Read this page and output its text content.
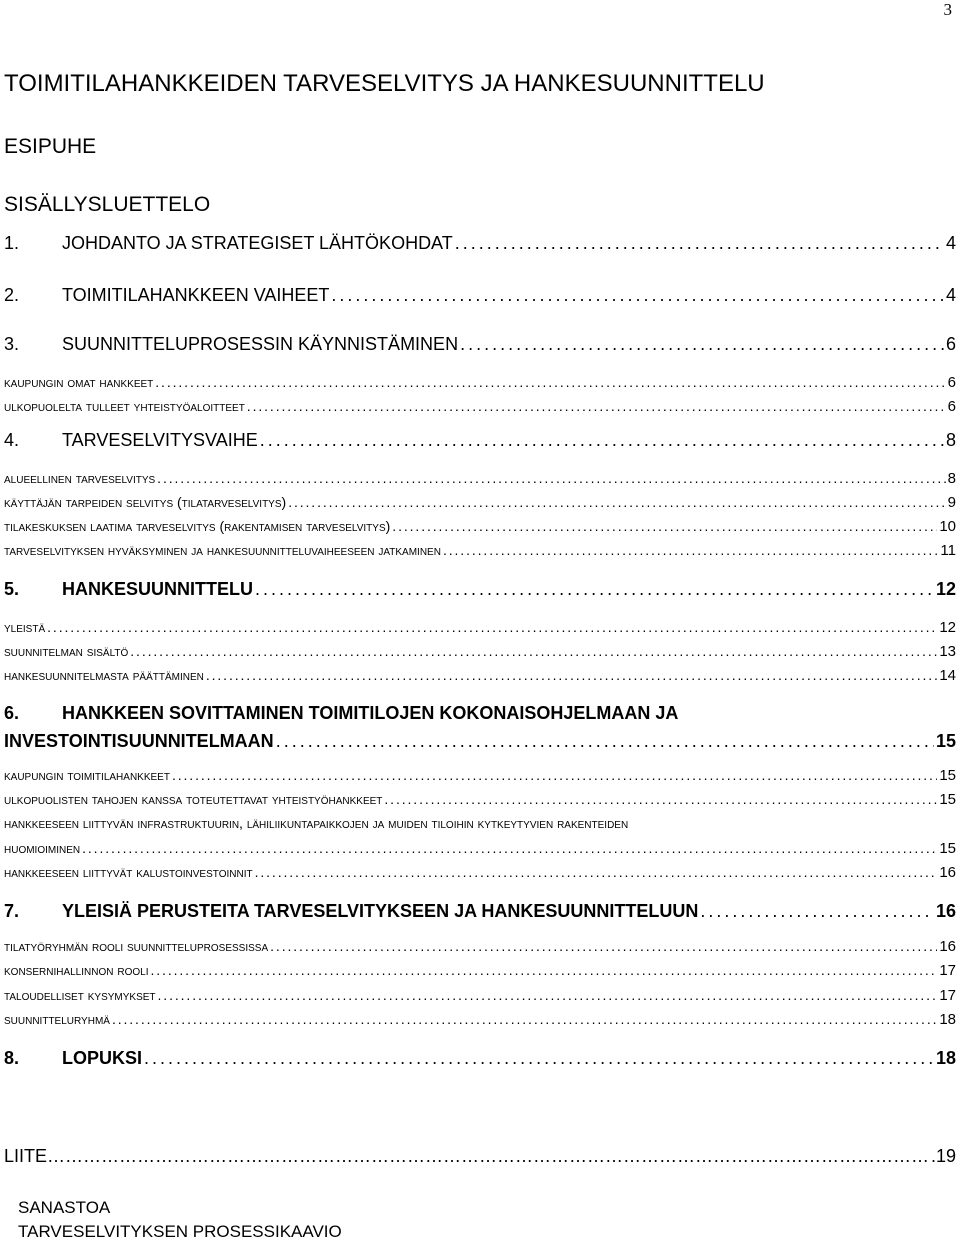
3
TOIMITILAHANKKEIDEN TARVESELVITYS JA HANKESUUNNITTELU
ESIPUHE
SISÄLLYSLUETTELO
1.	JOHDANTO JA STRATEGISET LÄHTÖKOHDAT . . .	4
2.	TOIMITILAHANKKEEN VAIHEET . . .	4
3.	SUUNNITTELUPROSESSIN KÄYNNISTÄMINEN . . .	6
kaupungin omat hankkeet . . .	6
ulkopuolelta tulleet yhteistyöaloitteet . . .	6
4.	TARVESELVITYSVAIHE . . .	8
alueellinen tarveselvitys . . .	8
käyttäjän tarpeiden selvitys (tilatarveselvitys) . . .	9
tilakeskuksen laatima tarveselvitys (rakentamisen tarveselvitys) . . .	10
tarveselvityksen hyväksyminen ja hankesuunnitteluvaiheeseen jatkaminen . . .	11
5.	HANKESUUNNITTELU . . .	12
yleistä . . .	12
suunnitelman sisältö . . .	13
hankesuunnitelmasta päättäminen . . .	14
6. HANKKEEN SOVITTAMINEN TOIMITILOJEN KOKONAISOHJELMAAN JA
INVESTOINTISUUNNITELMAAN . . .	15
kaupungin toimitilahankkeet . . .	15
ulkopuolisten tahojen kanssa toteutettavat yhteistyöhankkeet . . .	15
hankkeeseen liittyvän infrastruktuurin, lähiliikuntapaikkojen ja muiden tiloihin kytkeytyvien rakenteiden
huomioiminen . . .	15
hankkeeseen liittyvät kalustoinvestoinnit . . .	16
7.	YLEISIÄ PERUSTEITA TARVESELVITYKSEEN JA HANKESUUNNITTELUUN . . .	16
tilatyöryhmän rooli suunnitteluprosessissa . . .	16
konsernihallinnon rooli . . .	17
taloudelliset kysymykset . . .	17
suunnitteluryhmä . . .	18
8.	LOPUKSI . . .	18
LIITE ……………………………………………………………………………………………………………………………………………………………………………………………………………	.19
SANASTOA
TARVESELVITYKSEN PROSESSIKAAVIO
